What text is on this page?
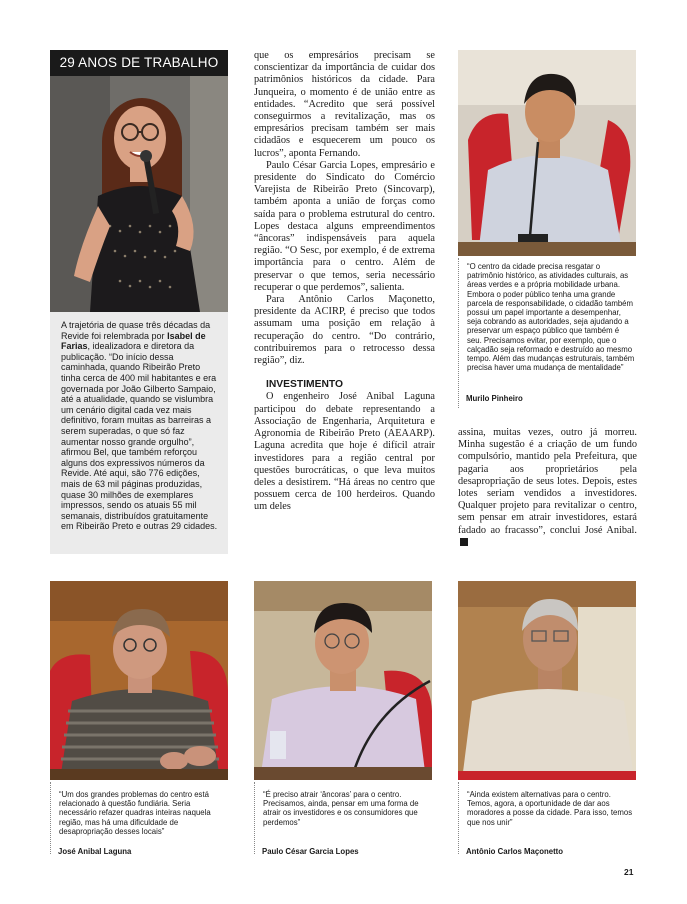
29 ANOS DE TRABALHO
A trajetória de quase três décadas da Revide foi relembrada por Isabel de Farias, idealizadora e diretora da publicação. “Do início dessa caminhada, quando Ribeirão Preto tinha cerca de 400 mil habitantes e era governada por João Gilberto Sampaio, até a atualidade, quando se vislumbra um cenário digital cada vez mais definitivo, foram muitas as barreiras a serem superadas, o que só faz aumentar nosso grande orgulho”, afirmou Bel, que também reforçou alguns dos expressivos números da Revide. Até aqui, são 776 edições, mais de 63 mil páginas produzidas, quase 30 milhões de exemplares impressos, sendo os atuais 55 mil semanais, distribuídos gratuitamente em Ribeirão Preto e outras 29 cidades.

que os empresários precisam se conscientizar da importância de cuidar dos patrimônios históricos da cidade. Para Junqueira, o momento é de união entre as entidades. “Acredito que será possível conseguirmos a revitalização, mas os empresários precisam também ser mais cidadãos e esquecerem um pouco os lucros”, aponta Fernando.

Paulo César Garcia Lopes, empresário e presidente do Sindicato do Comércio Varejista de Ribeirão Preto (Sincovarp), também aponta a união de forças como saída para o problema estrutural do centro. Lopes destaca alguns empreendimentos “âncoras” indispensáveis para aquela região. “O Sesc, por exemplo, é de extrema importância para o centro. Além de preservar o que temos, seria necessário recuperar o que perdemos”, salienta.

Para Antônio Carlos Maçonetto, presidente da ACIRP, é preciso que todos assumam uma posição em relação à recuperação do centro. “Do contrário, contribuiremos para o retrocesso dessa região”, diz.

INVESTIMENTO

O engenheiro José Anibal Laguna participou do debate representando a Associação de Engenharia, Arquitetura e Agronomia de Ribeirão Preto (AEAARP). Laguna acredita que hoje é difícil atrair investidores para a região central por questões burocráticas, o que leva muitos deles a desistirem. “Há áreas no centro que possuem cerca de 100 herdeiros. Quando um deles

“O centro da cidade precisa resgatar o patrimônio histórico, as atividades culturais, as áreas verdes e a própria mobilidade urbana. Embora o poder público tenha uma grande parcela de responsabilidade, o cidadão também possui um papel importante a desempenhar, seja cobrando as autoridades, seja ajudando a preservar um espaço público que também é seu. Precisamos evitar, por exemplo, que o calçadão seja reformado e destruído ao mesmo tempo. Além das mudanças estruturais, também precisa haver uma mudança de mentalidade”
Murilo Pinheiro

assina, muitas vezes, outro já morreu. Minha sugestão é a criação de um fundo compulsório, mantido pela Prefeitura, que pagaria aos proprietários pela desapropriação de seus lotes. Depois, estes lotes seriam vendidos a investidores. Qualquer projeto para revitalizar o centro, sem pensar em atrair investidores, estará fadado ao fracasso”, conclui José Anibal.

“Um dos grandes problemas do centro está relacionado à questão fundiária. Seria necessário refazer quadras inteiras naquela região, mas há uma dificuldade de desapropriação desses locais”
José Anibal Laguna
“É preciso atrair ‘âncoras’ para o centro. Precisamos, ainda, pensar em uma forma de atrair os investidores e os consumidores que perdemos”
Paulo César Garcia Lopes
“Ainda existem alternativas para o centro. Temos, agora, a oportunidade de dar aos moradores a posse da cidade. Para isso, temos que nos unir”
Antônio Carlos Maçonetto
21
